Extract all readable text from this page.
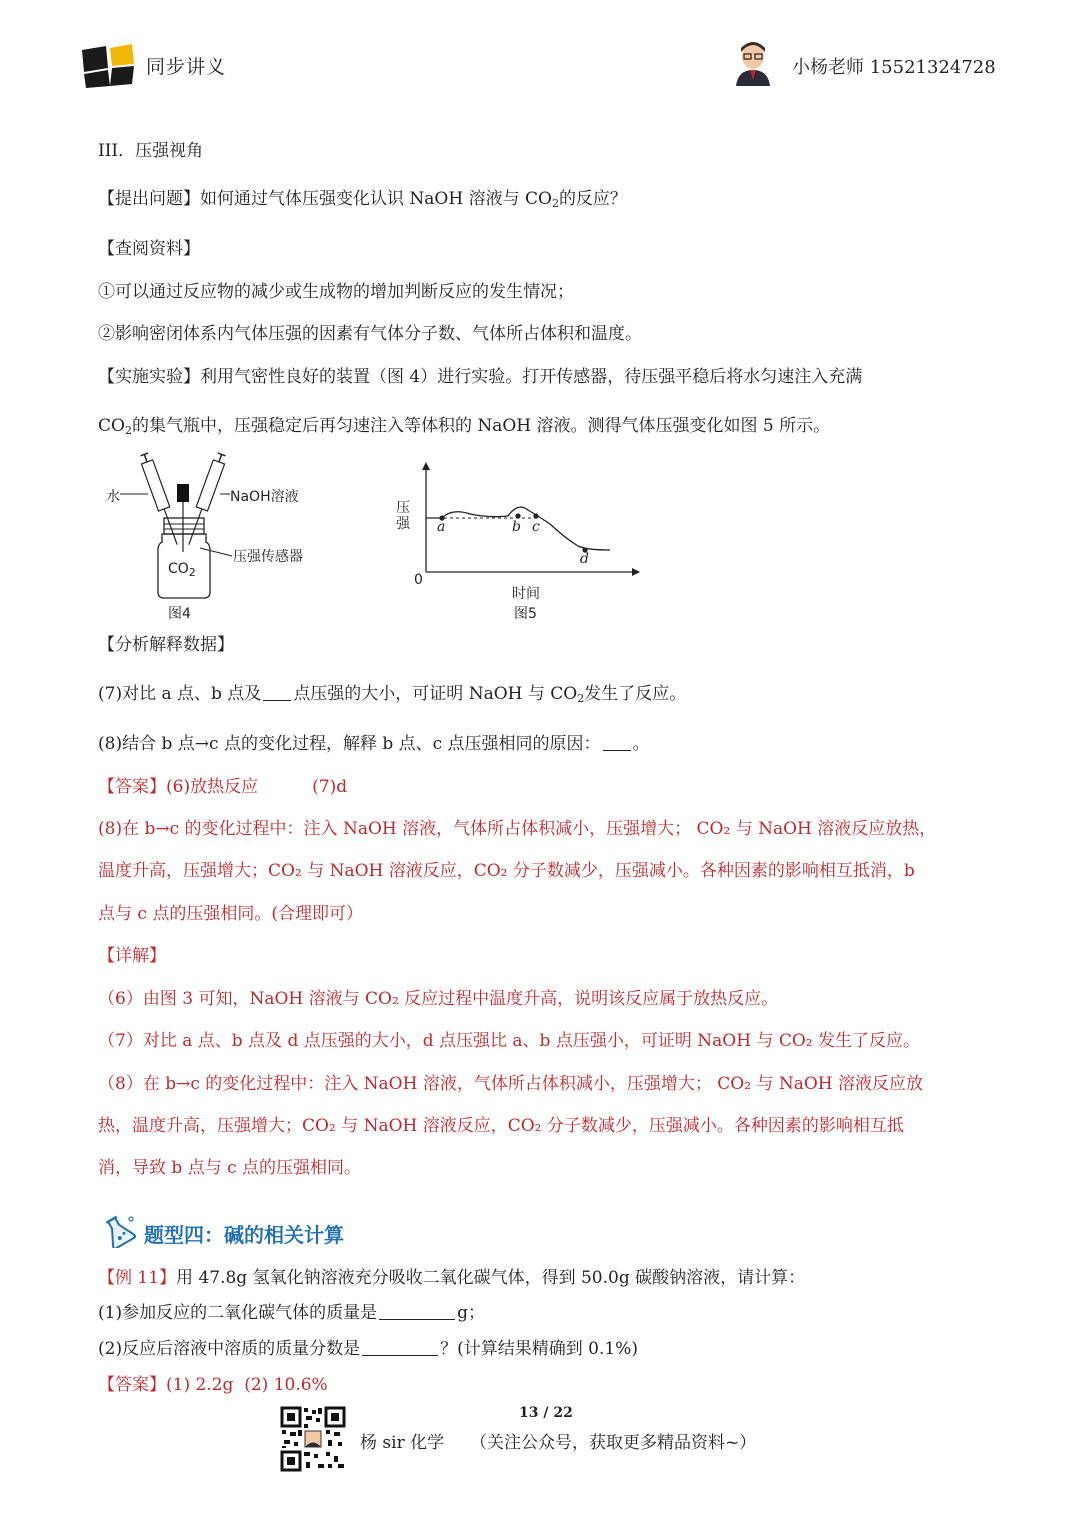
同步讲义	小杨老师 15521324728
III．压强视角
【提出问题】如何通过气体压强变化认识 NaOH 溶液与 $CO_2$的反应？
【查阅资料】
①可以通过反应物的减少或生成物的增加判断反应的发生情况；
②影响密闭体系内气体压强的因素有气体分子数、气体所占体积和温度。
【实施实验】利用气密性良好的装置（图 4）进行实验。打开传感器，待压强平稳后将水匀速注入充满
$CO_2$的集气瓶中，压强稳定后再匀速注入等体积的 NaOH 溶液。测得气体压强变化如图 5 所示。
水	NaOH溶液
压强传感器
$CO_2$
图4
压强
0
a	b c
d
时间
图5
【分析解释数据】
(7)对比 a 点、b 点及 点压强的大小，可证明 NaOH 与 $CO_2$发生了反应。
(8)结合 b 点→c 点的变化过程，解释 b 点、c 点压强相同的原因： 。
【答案】(6)放热反应          (7)d
(8)在 b→c 的变化过程中：注入 NaOH 溶液，气体所占体积减小，压强增大； CO₂ 与 NaOH 溶液反应放热，
温度升高，压强增大；CO₂ 与 NaOH 溶液反应，CO₂ 分子数减少，压强减小。各种因素的影响相互抵消，b
点与 c 点的压强相同。(合理即可）
【详解】
（6）由图 3 可知，NaOH 溶液与 CO₂ 反应过程中温度升高，说明该反应属于放热反应。
（7）对比 a 点、b 点及 d 点压强的大小，d 点压强比 a、b 点压强小，可证明 NaOH 与 CO₂ 发生了反应。
（8）在 b→c 的变化过程中：注入 NaOH 溶液，气体所占体积减小，压强增大； CO₂ 与 NaOH 溶液反应放
热，温度升高，压强增大；CO₂ 与 NaOH 溶液反应，CO₂ 分子数减少，压强减小。各种因素的影响相互抵
消，导致 b 点与 c 点的压强相同。
题型四：碱的相关计算
【例 11】用 47.8g 氢氧化钠溶液充分吸收二氧化碳气体，得到 50.0g 碳酸钠溶液，请计算：
(1)参加反应的二氧化碳气体的质量是	g；
(2)反应后溶液中溶质的质量分数是	？(计算结果精确到 0.1%)
【答案】(1) 2.2g  (2) 10.6%
13 / 22
杨 sir 化学 （关注公众号，获取更多精品资料~）
